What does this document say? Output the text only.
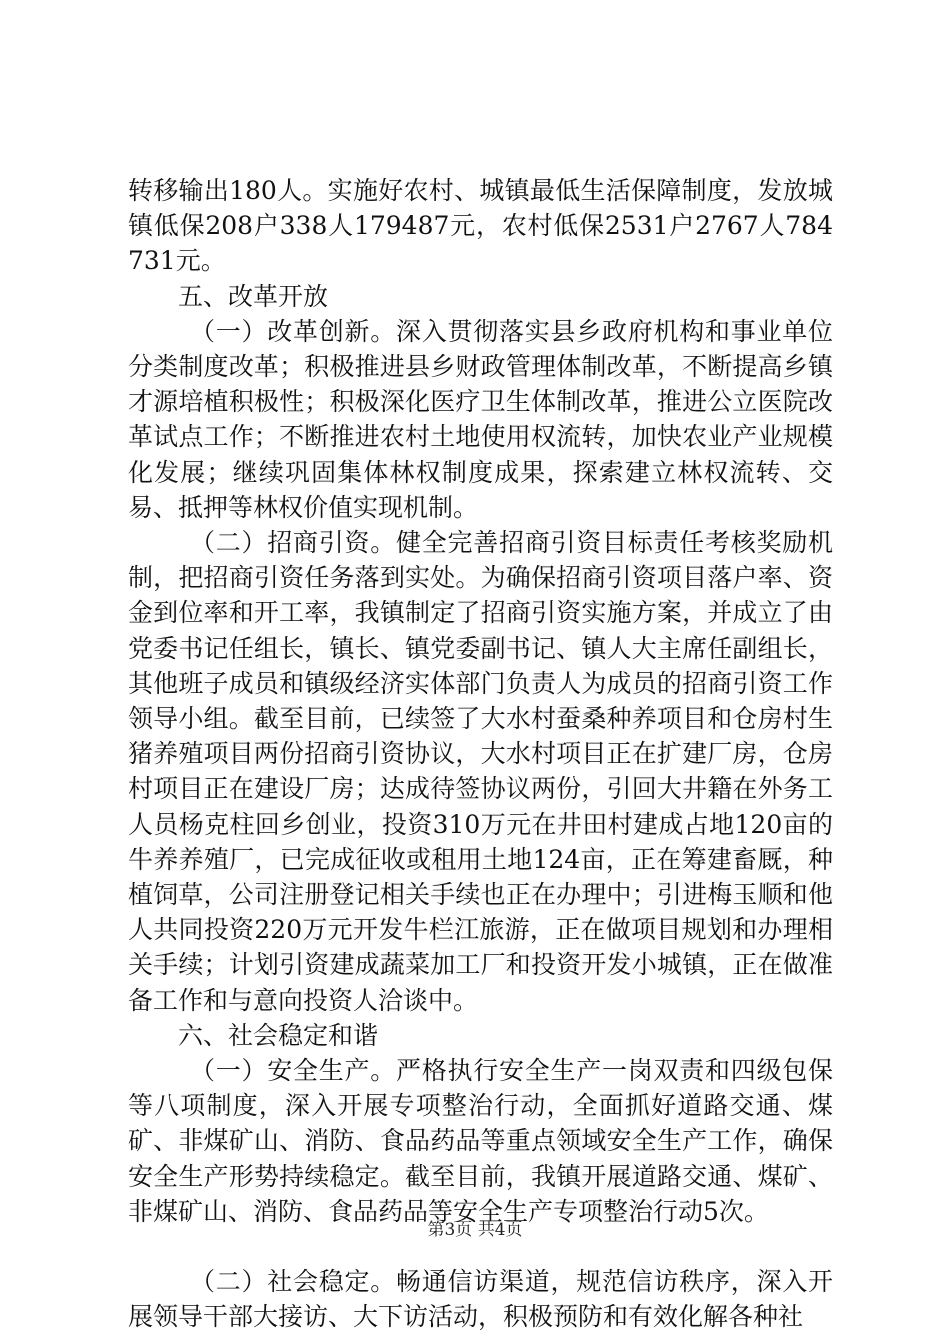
转移输出180人。实施好农村、城镇最低生活保障制度，发放城镇低保208户338人179487元，农村低保2531户2767人784731元。

五、改革开放

（一）改革创新。深入贯彻落实县乡政府机构和事业单位分类制度改革；积极推进县乡财政管理体制改革，不断提高乡镇才源培植积极性；积极深化医疗卫生体制改革，推进公立医院改革试点工作；不断推进农村土地使用权流转，加快农业产业规模化发展；继续巩固集体林权制度成果，探索建立林权流转、交易、抵押等林权价值实现机制。

（二）招商引资。健全完善招商引资目标责任考核奖励机制，把招商引资任务落到实处。为确保招商引资项目落户率、资金到位率和开工率，我镇制定了招商引资实施方案，并成立了由党委书记任组长，镇长、镇党委副书记、镇人大主席任副组长，其他班子成员和镇级经济实体部门负责人为成员的招商引资工作领导小组。截至目前，已续签了大水村蚕桑种养项目和仓房村生猪养殖项目两份招商引资协议，大水村项目正在扩建厂房，仓房村项目正在建设厂房；达成待签协议两份，引回大井籍在外务工人员杨克柱回乡创业，投资310万元在井田村建成占地120亩的牛养养殖厂，已完成征收或租用土地124亩，正在筹建畜厩，种植饲草，公司注册登记相关手续也正在办理中；引进梅玉顺和他人共同投资220万元开发牛栏江旅游，正在做项目规划和办理相关手续；计划引资建成蔬菜加工厂和投资开发小城镇，正在做准备工作和与意向投资人洽谈中。

六、社会稳定和谐

（一）安全生产。严格执行安全生产一岗双责和四级包保等八项制度，深入开展专项整治行动，全面抓好道路交通、煤矿、非煤矿山、消防、食品药品等重点领域安全生产工作，确保安全生产形势持续稳定。截至目前，我镇开展道路交通、煤矿、非煤矿山、消防、食品药品等安全生产专项整治行动5次。

（二）社会稳定。畅通信访渠道，规范信访秩序，深入开展领导干部大接访、大下访活动，积极预防和有效化解各种社

第3页 共4页
